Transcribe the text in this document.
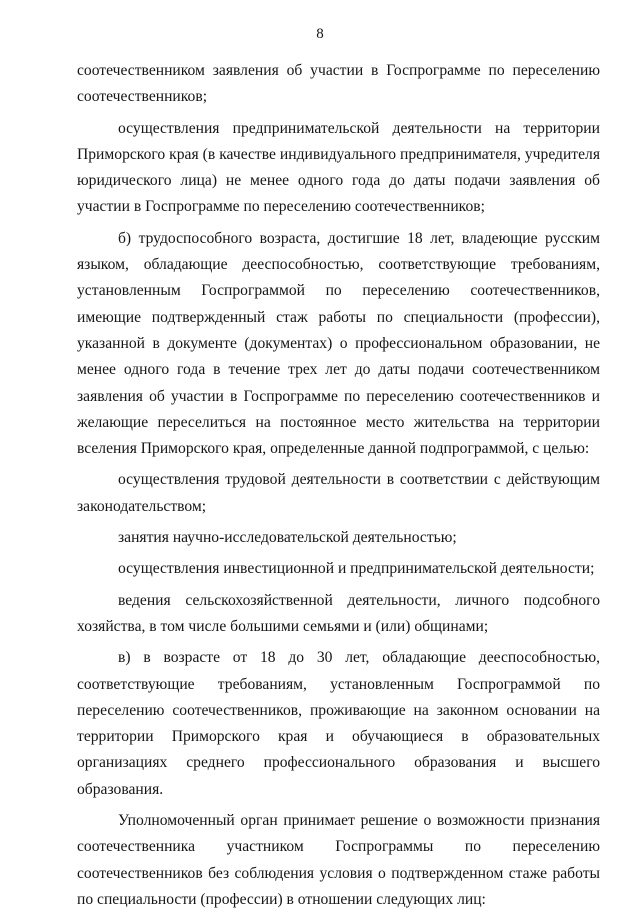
8

соотечественником заявления об участии в Госпрограмме по переселению соотечественников;

осуществления предпринимательской деятельности на территории Приморского края (в качестве индивидуального предпринимателя, учредителя юридического лица) не менее одного года до даты подачи заявления об участии в Госпрограмме по переселению соотечественников;

б) трудоспособного возраста, достигшие 18 лет, владеющие русским языком, обладающие дееспособностью, соответствующие требованиям, установленным Госпрограммой по переселению соотечественников, имеющие подтвержденный стаж работы по специальности (профессии), указанной в документе (документах) о профессиональном образовании, не менее одного года в течение трех лет до даты подачи соотечественником заявления об участии в Госпрограмме по переселению соотечественников и желающие переселиться на постоянное место жительства на территории вселения Приморского края, определенные данной подпрограммой, с целью:

осуществления трудовой деятельности в соответствии с действующим законодательством;

занятия научно-исследовательской деятельностью;

осуществления инвестиционной и предпринимательской деятельности;

ведения сельскохозяйственной деятельности, личного подсобного хозяйства, в том числе большими семьями и (или) общинами;

в) в возрасте от 18 до 30 лет, обладающие дееспособностью, соответствующие требованиям, установленным Госпрограммой по переселению соотечественников, проживающие на законном основании на территории Приморского края и обучающиеся в образовательных организациях среднего профессионального образования и высшего образования.

Уполномоченный орган принимает решение о возможности признания соотечественника участником Госпрограммы по переселению соотечественников без соблюдения условия о подтвержденном стаже работы по специальности (профессии) в отношении следующих лиц:
